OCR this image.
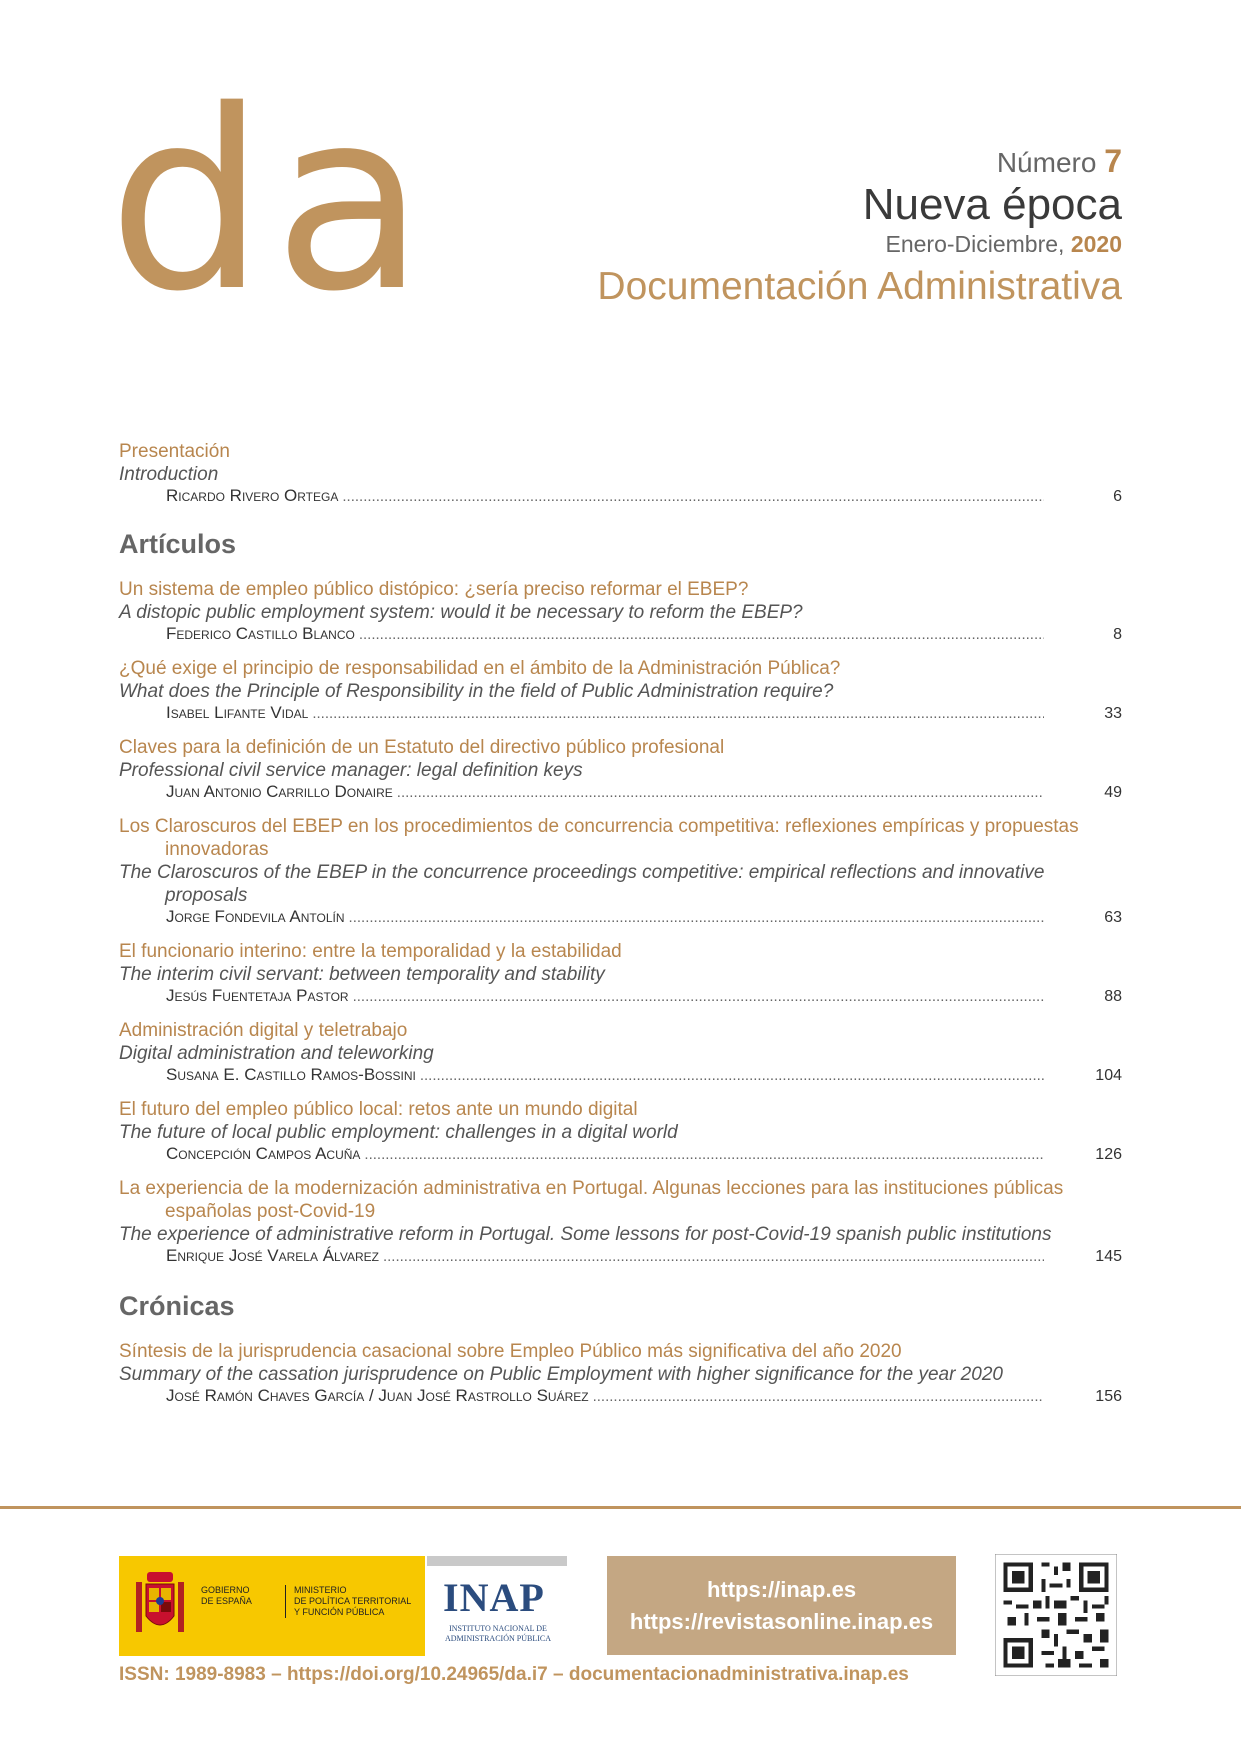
da	Número 7
Nueva época
Enero-Diciembre, 2020
Documentación Administrativa
Presentación
Introduction
Ricardo Rivero Ortega .....	6
Artículos
Un sistema de empleo público distópico: ¿sería preciso reformar el EBEP?
A distopic public employment system: would it be necessary to reform the EBEP?
Federico Castillo Blanco .....	8
¿Qué exige el principio de responsabilidad en el ámbito de la Administración Pública?
What does the Principle of Responsibility in the field of Public Administration require?
Isabel Lifante Vidal .....	33
Claves para la definición de un Estatuto del directivo público profesional
Professional civil service manager: legal definition keys
Juan Antonio Carrillo Donaire .....	49
Los Claroscuros del EBEP en los procedimientos de concurrencia competitiva: reflexiones empíricas y propuestas innovadoras
The Claroscuros of the EBEP in the concurrence proceedings competitive: empirical reflections and innovative proposals
Jorge Fondevila Antolín .....	63
El funcionario interino: entre la temporalidad y la estabilidad
The interim civil servant: between temporality and stability
Jesús Fuentetaja Pastor .....	88
Administración digital y teletrabajo
Digital administration and teleworking
Susana E. Castillo Ramos-Bossini .....	104
El futuro del empleo público local: retos ante un mundo digital
The future of local public employment: challenges in a digital world
Concepción Campos Acuña .....	126
La experiencia de la modernización administrativa en Portugal. Algunas lecciones para las instituciones públicas españolas post-Covid-19
The experience of administrative reform in Portugal. Some lessons for post-Covid-19 spanish public institutions
Enrique José Varela Álvarez .....	145
Crónicas
Síntesis de la jurisprudencia casacional sobre Empleo Público más significativa del año 2020
Summary of the cassation jurisprudence on Public Employment with higher significance for the year 2020
José Ramón Chaves García / Juan José Rastrollo Suárez .....	156
GOBIERNO
DE ESPAÑA
MINISTERIO
DE POLÍTICA TERRITORIAL
Y FUNCIÓN PÚBLICA	INAP
INSTITUTO NACIONAL DE
ADMINISTRACIÓN PÚBLICA
https://inap.es
https://revistasonline.inap.es
ISSN: 1989-8983 – https://doi.org/10.24965/da.i7 – documentacionadministrativa.inap.es
